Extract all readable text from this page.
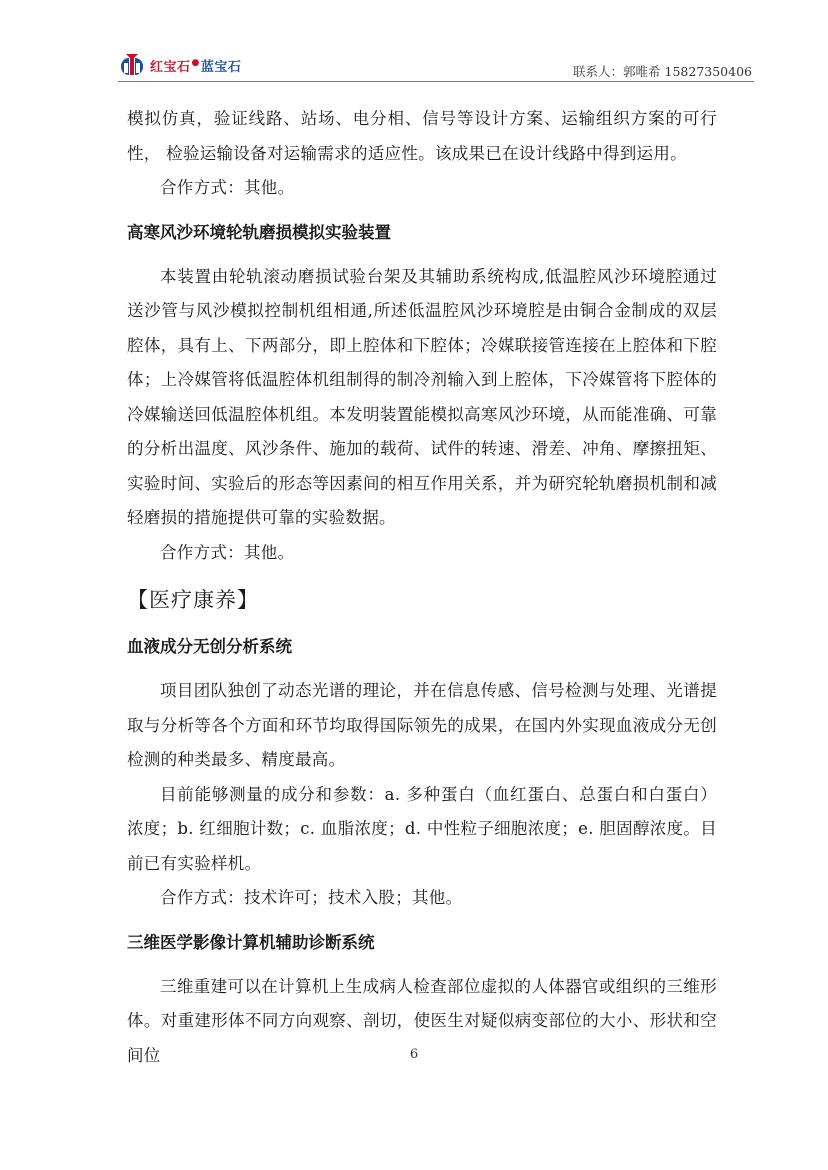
红宝石●蓝宝石	联系人：郭唯希 15827350406

模拟仿真，验证线路、站场、电分相、信号等设计方案、运输组织方案的可行性， 检验运输设备对运输需求的适应性。该成果已在设计线路中得到运用。

合作方式：其他。

高寒风沙环境轮轨磨损模拟实验装置

本装置由轮轨滚动磨损试验台架及其辅助系统构成,低温腔风沙环境腔通过送沙管与风沙模拟控制机组相通,所述低温腔风沙环境腔是由铜合金制成的双层腔体，具有上、下两部分，即上腔体和下腔体；冷媒联接管连接在上腔体和下腔体；上冷媒管将低温腔体机组制得的制冷剂输入到上腔体，下冷媒管将下腔体的冷媒输送回低温腔体机组。本发明装置能模拟高寒风沙环境，从而能准确、可靠的分析出温度、风沙条件、施加的载荷、试件的转速、滑差、冲角、摩擦扭矩、实验时间、实验后的形态等因素间的相互作用关系，并为研究轮轨磨损机制和减轻磨损的措施提供可靠的实验数据。

合作方式：其他。

【医疗康养】
血液成分无创分析系统

项目团队独创了动态光谱的理论，并在信息传感、信号检测与处理、光谱提取与分析等各个方面和环节均取得国际领先的成果，在国内外实现血液成分无创检测的种类最多、精度最高。

目前能够测量的成分和参数：a. 多种蛋白（血红蛋白、总蛋白和白蛋白） 浓度；b. 红细胞计数；c. 血脂浓度；d. 中性粒子细胞浓度；e. 胆固醇浓度。目前已有实验样机。

合作方式：技术许可；技术入股；其他。

三维医学影像计算机辅助诊断系统

三维重建可以在计算机上生成病人检查部位虚拟的人体器官或组织的三维形体。对重建形体不同方向观察、剖切，使医生对疑似病变部位的大小、形状和空间位	6
